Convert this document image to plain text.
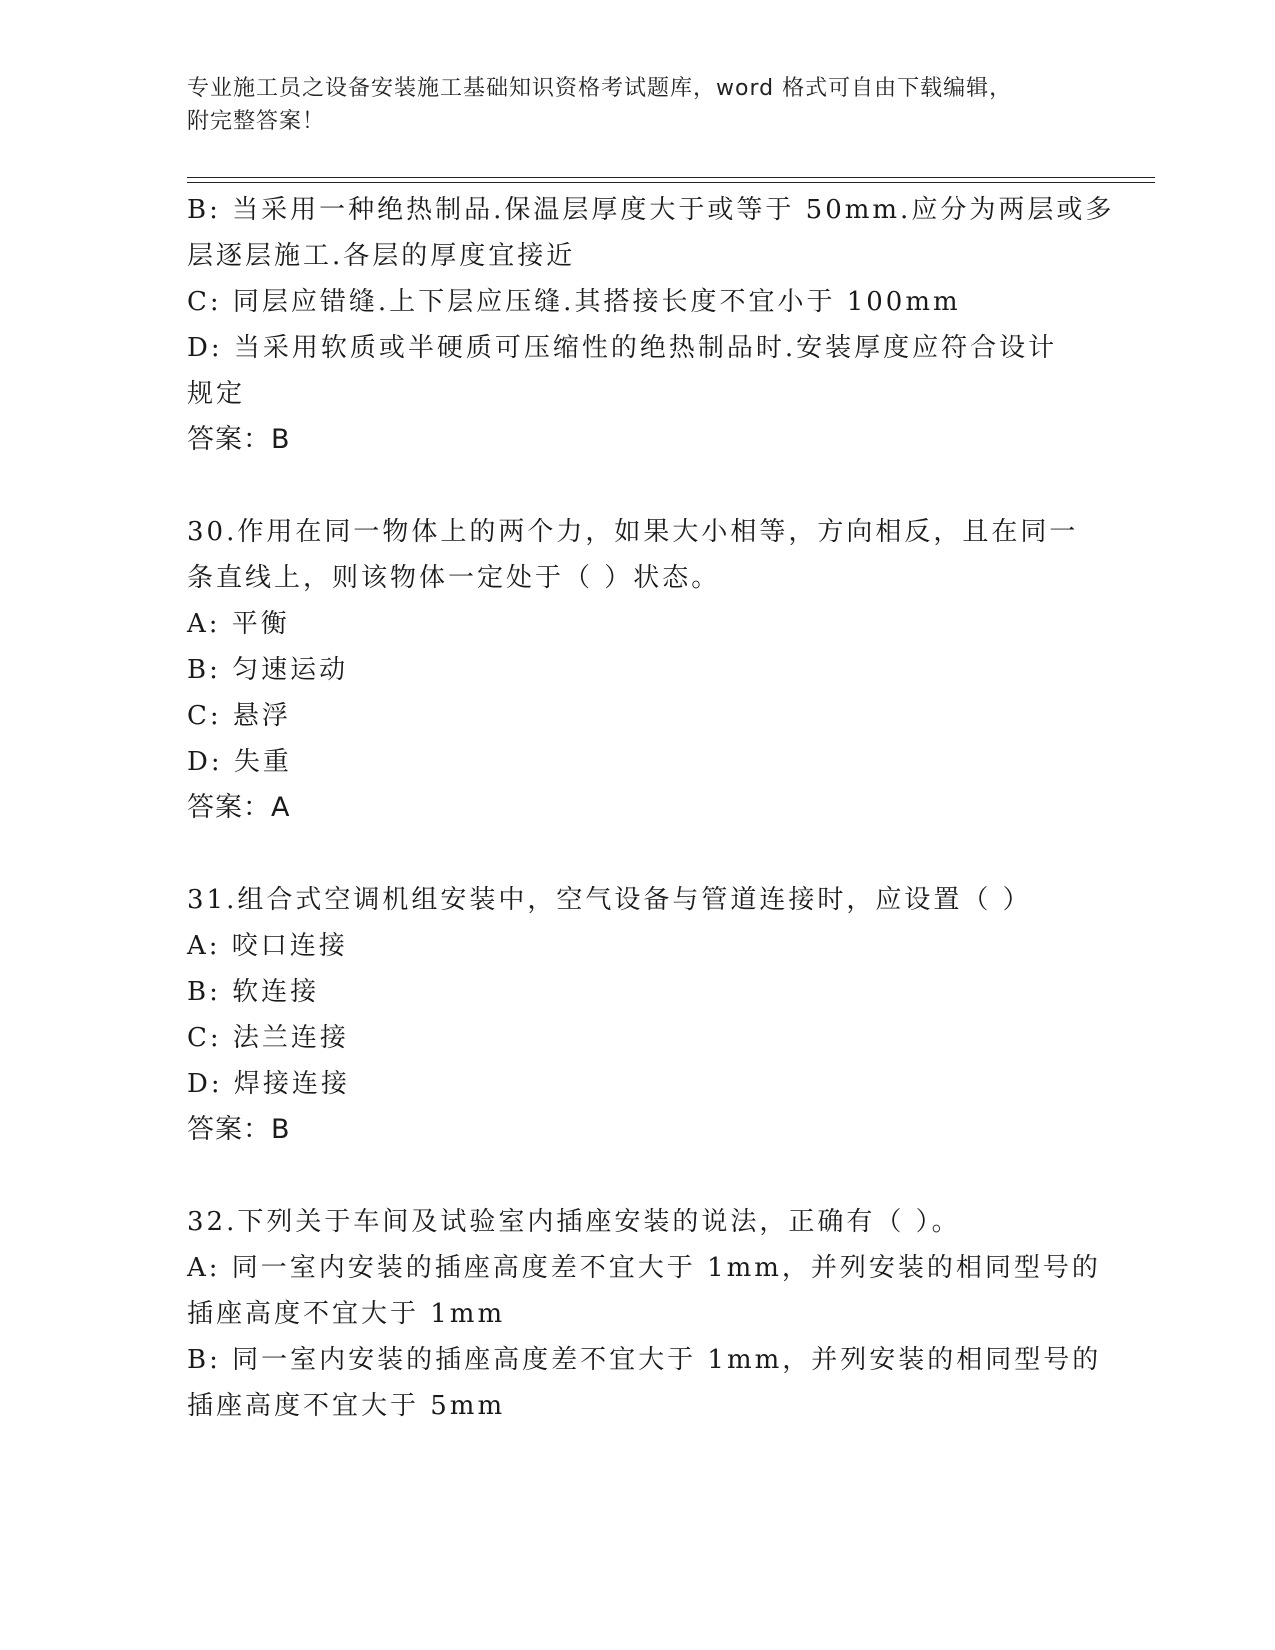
专业施工员之设备安装施工基础知识资格考试题库，word 格式可自由下载编辑，
附完整答案！

B: 当采用一种绝热制品.保温层厚度大于或等于 50mm.应分为两层或多

层逐层施工.各层的厚度宜接近

C: 同层应错缝.上下层应压缝.其搭接长度不宜小于 100mm

D: 当采用软质或半硬质可压缩性的绝热制品时.安装厚度应符合设计

规定

答案：B

30.作用在同一物体上的两个力，如果大小相等，方向相反，且在同一

条直线上，则该物体一定处于（ ）状态。

A: 平衡

B: 匀速运动

C: 悬浮

D: 失重

答案：A

31.组合式空调机组安装中，空气设备与管道连接时，应设置（ ）

A: 咬口连接

B: 软连接

C: 法兰连接

D: 焊接连接

答案：B

32.下列关于车间及试验室内插座安装的说法，正确有（ ）。

A: 同一室内安装的插座高度差不宜大于 1mm，并列安装的相同型号的

插座高度不宜大于 1mm

B: 同一室内安装的插座高度差不宜大于 1mm，并列安装的相同型号的

插座高度不宜大于 5mm
